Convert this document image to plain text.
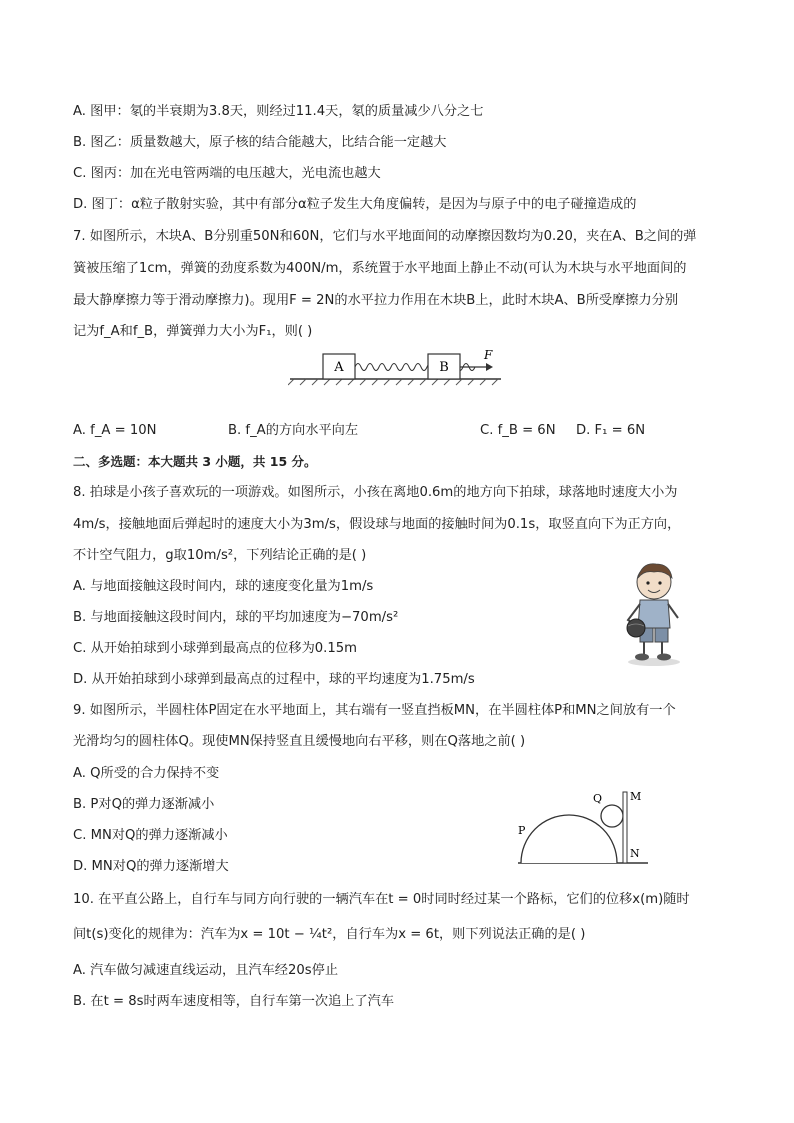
A. 图甲：氡的半衰期为3.8天，则经过11.4天，氡的质量减少八分之七
B. 图乙：质量数越大，原子核的结合能越大，比结合能一定越大
C. 图丙：加在光电管两端的电压越大，光电流也越大
D. 图丁：α粒子散射实验，其中有部分α粒子发生大角度偏转，是因为与原子中的电子碰撞造成的
7. 如图所示，木块A、B分别重50N和60N，它们与水平地面间的动摩擦因数均为0.20，夹在A、B之间的弹
簧被压缩了1cm，弹簧的劲度系数为400N/m，系统置于水平地面上静止不动(可认为木块与水平地面间的
最大静摩擦力等于滑动摩擦力)。现用F = 2N的水平拉力作用在木块B上，此时木块A、B所受摩擦力分别
记为f_A和f_B，弹簧弹力大小为F₁，则( )
A	B
F
A. f_A = 10N	B. f_A的方向水平向左	C. f_B = 6N D. F₁ = 6N
二、多选题：本大题共 3 小题，共 15 分。
8. 拍球是小孩子喜欢玩的一项游戏。如图所示，小孩在离地0.6m的地方向下拍球，球落地时速度大小为
4m/s，接触地面后弹起时的速度大小为3m/s，假设球与地面的接触时间为0.1s，取竖直向下为正方向，
不计空气阻力，g取10m/s²，下列结论正确的是( )
A. 与地面接触这段时间内，球的速度变化量为1m/s
B. 与地面接触这段时间内，球的平均加速度为−70m/s²
C. 从开始拍球到小球弹到最高点的位移为0.15m
D. 从开始拍球到小球弹到最高点的过程中，球的平均速度为1.75m/s
9. 如图所示，半圆柱体P固定在水平地面上，其右端有一竖直挡板MN，在半圆柱体P和MN之间放有一个
光滑均匀的圆柱体Q。现使MN保持竖直且缓慢地向右平移，则在Q落地之前( )
A. Q所受的合力保持不变
B. P对Q的弹力逐渐减小
C. MN对Q的弹力逐渐减小
D. MN对Q的弹力逐渐增大
P
Q	M
N
10. 在平直公路上，自行车与同方向行驶的一辆汽车在t = 0时同时经过某一个路标，它们的位移x(m)随时
间t(s)变化的规律为：汽车为x = 10t − ¼t²，自行车为x = 6t，则下列说法正确的是( )
A. 汽车做匀减速直线运动，且汽车经20s停止
B. 在t = 8s时两车速度相等，自行车第一次追上了汽车
